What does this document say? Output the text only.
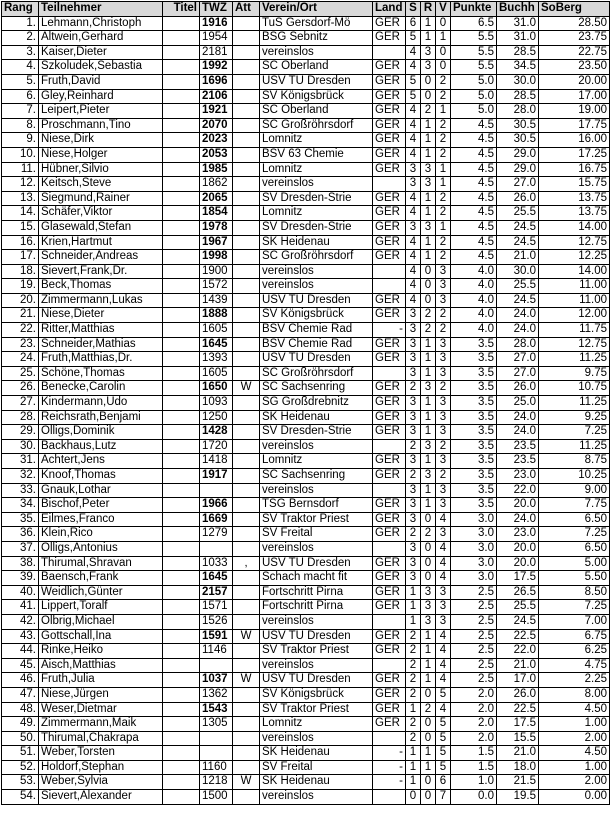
Rang	Teilnehmer	Titel	TWZ	Att	Verein/Ort	Land	S	R	V	Punkte	Buchh	SoBerg
1.	Lehmann,Christoph		1916		TuS Gersdorf-Mö	GER	6	1	0	6.5	31.0	28.50
2.	Altwein,Gerhard		1954		BSG Sebnitz	GER	5	1	1	5.5	31.0	23.75
3.	Kaiser,Dieter		2181		vereinslos		4	3	0	5.5	28.5	22.75
4.	Szkoludek,Sebastia		1992		SC Oberland	GER	4	3	0	5.5	34.5	23.50
5.	Fruth,David		1696		USV TU Dresden	GER	5	0	2	5.0	30.0	20.00
6.	Gley,Reinhard		2106		SV Königsbrück	GER	5	0	2	5.0	28.5	17.00
7.	Leipert,Pieter		1921		SC Oberland	GER	4	2	1	5.0	28.0	19.00
8.	Proschmann,Tino		2070		SC Großröhrsdorf	GER	4	1	2	4.5	30.5	17.75
9.	Niese,Dirk		2023		Lomnitz	GER	4	1	2	4.5	30.5	16.00
10.	Niese,Holger		2053		BSV 63 Chemie	GER	4	1	2	4.5	29.0	17.25
11.	Hübner,Silvio		1985		Lomnitz	GER	3	3	1	4.5	29.0	16.75
12.	Keitsch,Steve		1862		vereinslos		3	3	1	4.5	27.0	15.75
13.	Siegmund,Rainer		2065		SV Dresden-Strie	GER	4	1	2	4.5	26.0	13.75
14.	Schäfer,Viktor		1854		Lomnitz	GER	4	1	2	4.5	25.5	13.75
15.	Glasewald,Stefan		1978		SV Dresden-Strie	GER	3	3	1	4.5	24.5	14.00
16.	Krien,Hartmut		1967		SK Heidenau	GER	4	1	2	4.5	24.5	12.75
17.	Schneider,Andreas		1998		SC Großröhrsdorf	GER	4	1	2	4.5	21.0	12.25
18.	Sievert,Frank,Dr.		1900		vereinslos		4	0	3	4.0	30.0	14.00
19.	Beck,Thomas		1572		vereinslos		4	0	3	4.0	25.5	11.00
20.	Zimmermann,Lukas		1439		USV TU Dresden	GER	4	0	3	4.0	24.5	11.00
21.	Niese,Dieter		1888		SV Königsbrück	GER	3	2	2	4.0	24.0	12.00
22.	Ritter,Matthias		1605		BSV Chemie Rad	-	3	2	2	4.0	24.0	11.75
23.	Schneider,Mathias		1645		BSV Chemie Rad	GER	3	1	3	3.5	28.0	12.75
24.	Fruth,Matthias,Dr.		1393		USV TU Dresden	GER	3	1	3	3.5	27.0	11.25
25.	Schöne,Thomas		1605		SC Großröhrsdorf		3	1	3	3.5	27.0	9.75
26.	Benecke,Carolin		1650	W	SC Sachsenring	GER	2	3	2	3.5	26.0	10.75
27.	Kindermann,Udo		1093		SG Großdrebnitz	GER	3	1	3	3.5	25.0	11.25
28.	Reichsrath,Benjami		1250		SK Heidenau	GER	3	1	3	3.5	24.0	9.25
29.	Olligs,Dominik		1428		SV Dresden-Strie	GER	3	1	3	3.5	24.0	7.25
30.	Backhaus,Lutz		1720		vereinslos		2	3	2	3.5	23.5	11.25
31.	Achtert,Jens		1418		Lomnitz	GER	3	1	3	3.5	23.5	8.75
32.	Knoof,Thomas		1917		SC Sachsenring	GER	2	3	2	3.5	23.0	10.25
33.	Gnauk,Lothar				vereinslos		3	1	3	3.5	22.0	9.00
34.	Bischof,Peter		1966		TSG Bernsdorf	GER	3	1	3	3.5	20.0	7.75
35.	Eilmes,Franco		1669		SV Traktor Priest	GER	3	0	4	3.0	24.0	6.50
36.	Klein,Rico		1279		SV Freital	GER	2	2	3	3.0	23.0	7.25
37.	Olligs,Antonius				vereinslos		3	0	4	3.0	20.0	6.50
38.	Thirumal,Shravan		1033	‚	USV TU Dresden	GER	3	0	4	3.0	20.0	5.00
39.	Baensch,Frank		1645		Schach macht fit	GER	3	0	4	3.0	17.5	5.50
40.	Weidlich,Günter		2157		Fortschritt Pirna	GER	1	3	3	2.5	26.5	8.50
41.	Lippert,Toralf		1571		Fortschritt Pirna	GER	1	3	3	2.5	25.5	7.25
42.	Olbrig,Michael		1526		vereinslos		1	3	3	2.5	24.5	7.00
43.	Gottschall,Ina		1591	W	USV TU Dresden	GER	2	1	4	2.5	22.5	6.75
44.	Rinke,Heiko		1146		SV Traktor Priest	GER	2	1	4	2.5	22.0	6.25
45.	Aisch,Matthias				vereinslos		2	1	4	2.5	21.0	4.75
46.	Fruth,Julia		1037	W	USV TU Dresden	GER	2	1	4	2.5	17.0	2.25
47.	Niese,Jürgen		1362		SV Königsbrück	GER	2	0	5	2.0	26.0	8.00
48.	Weser,Dietmar		1543		SV Traktor Priest	GER	1	2	4	2.0	22.5	4.50
49.	Zimmermann,Maik		1305		Lomnitz	GER	2	0	5	2.0	17.5	1.00
50.	Thirumal,Chakrapa				vereinslos		2	0	5	2.0	15.5	2.00
51.	Weber,Torsten				SK Heidenau	-	1	1	5	1.5	21.0	4.50
52.	Holdorf,Stephan		1160		SV Freital	-	1	1	5	1.5	18.0	1.00
53.	Weber,Sylvia		1218	W	SK Heidenau	-	1	0	6	1.0	21.5	2.00
54.	Sievert,Alexander		1500		vereinslos		0	0	7	0.0	19.5	0.00
